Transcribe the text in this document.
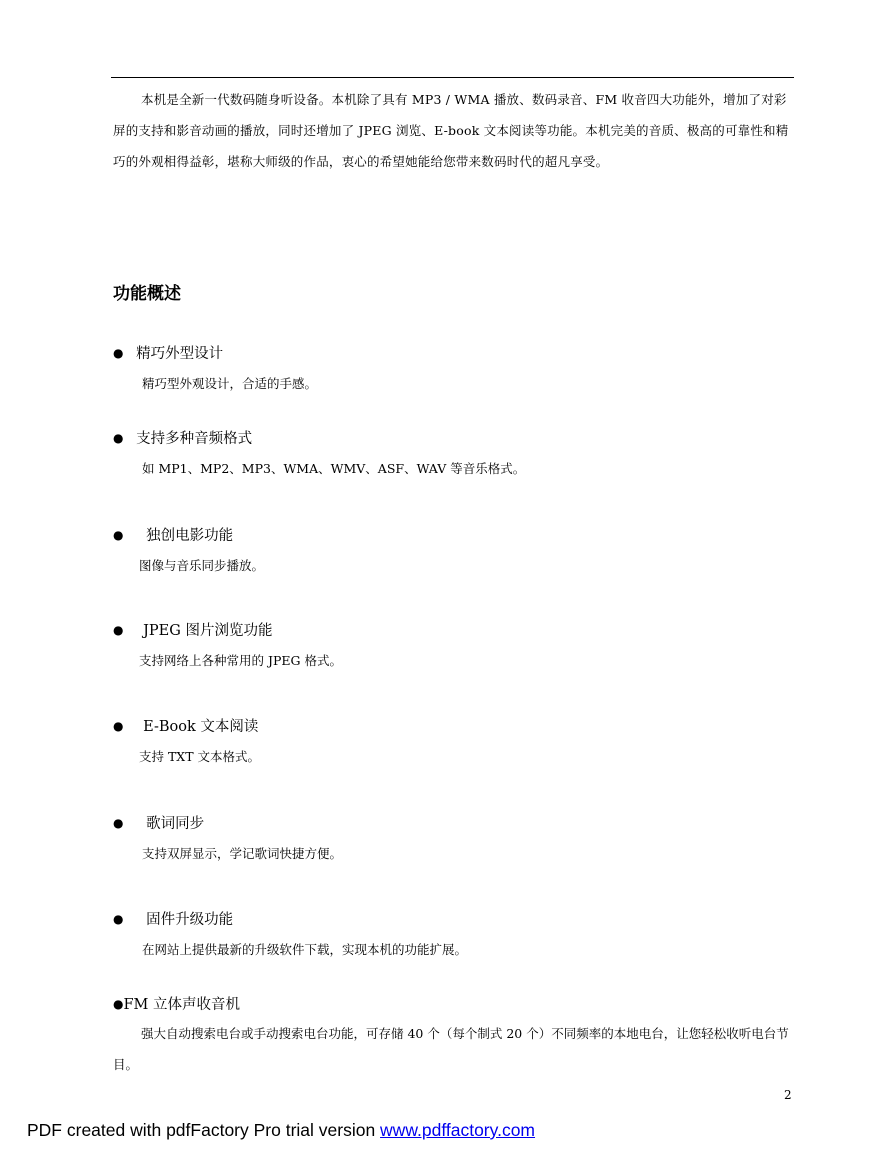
本机是全新一代数码随身听设备。本机除了具有 MP3 / WMA 播放、数码录音、FM 收音四大功能外，增加了对彩屏的支持和影音动画的播放，同时还增加了 JPEG 浏览、E-book 文本阅读等功能。本机完美的音质、极高的可靠性和精巧的外观相得益彰，堪称大师级的作品，衷心的希望她能给您带来数码时代的超凡享受。

功能概述
● 精巧外型设计
精巧型外观设计，合适的手感。
● 支持多种音频格式
如 MP1、MP2、MP3、WMA、WMV、ASF、WAV 等音乐格式。
● 独创电影功能
图像与音乐同步播放。
● JPEG 图片浏览功能
支持网络上各种常用的 JPEG 格式。
● E-Book 文本阅读
支持 TXT 文本格式。
● 歌词同步
支持双屏显示，学记歌词快捷方便。
● 固件升级功能
在网站上提供最新的升级软件下载，实现本机的功能扩展。
●FM 立体声收音机
强大自动搜索电台或手动搜索电台功能，可存储 40 个（每个制式 20 个）不同频率的本地电台，让您轻松收听电台节目。
2
PDF created with pdfFactory Pro trial version www.pdffactory.com
